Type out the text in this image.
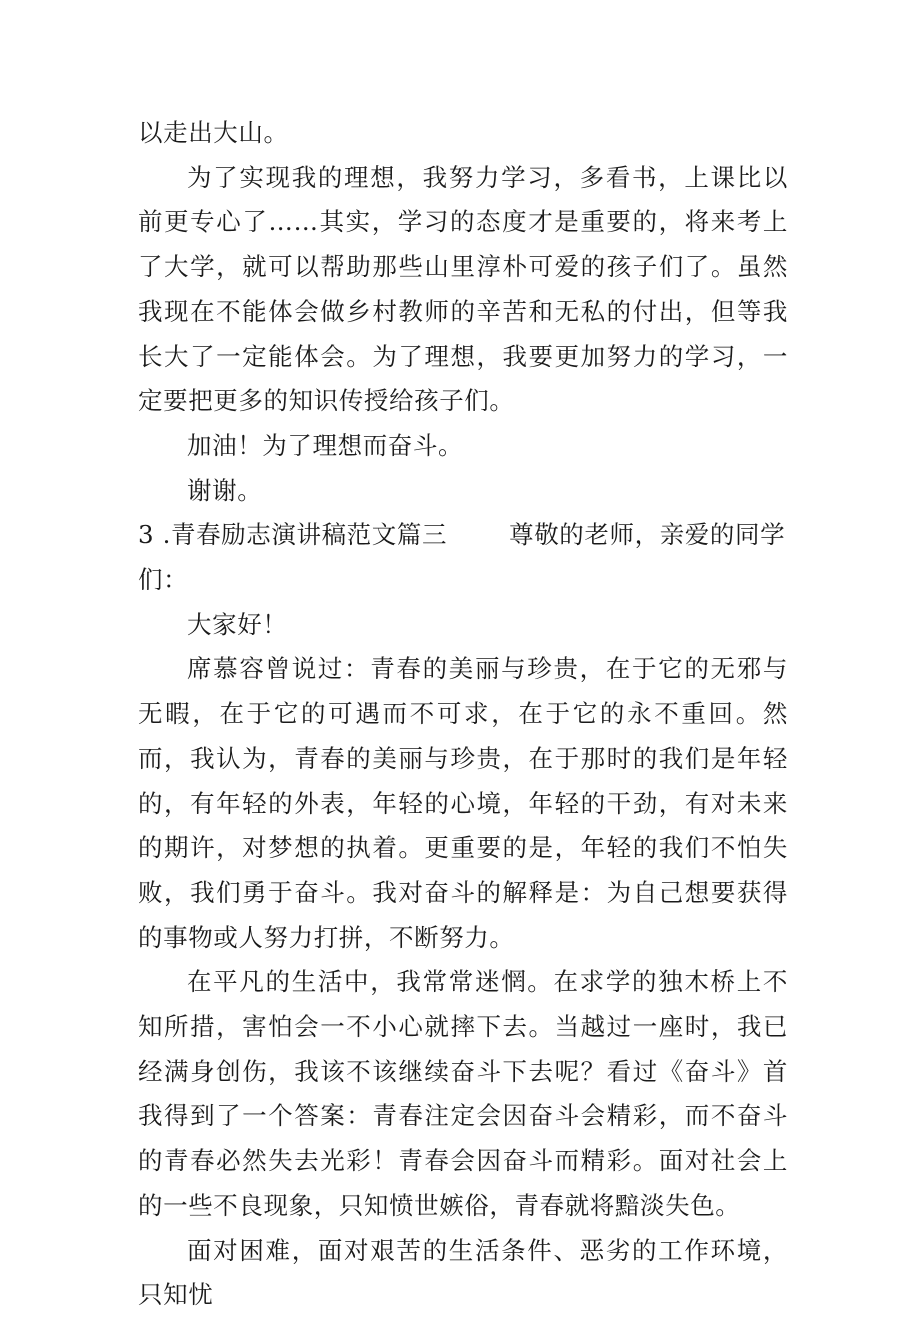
以走出大山。

为了实现我的理想，我努力学习，多看书，上课比以前更专心了……其实，学习的态度才是重要的，将来考上了大学，就可以帮助那些山里淳朴可爱的孩子们了。虽然我现在不能体会做乡村教师的辛苦和无私的付出，但等我长大了一定能体会。为了理想，我要更加努力的学习，一定要把更多的知识传授给孩子们。

加油！为了理想而奋斗。

谢谢。

3 .青春励志演讲稿范文篇三	尊敬的老师，亲爱的同学

们：

大家好！

席慕容曾说过：青春的美丽与珍贵，在于它的无邪与无暇，在于它的可遇而不可求，在于它的永不重回。然而，我认为，青春的美丽与珍贵，在于那时的我们是年轻的，有年轻的外表，年轻的心境，年轻的干劲，有对未来的期许，对梦想的执着。更重要的是，年轻的我们不怕失败，我们勇于奋斗。我对奋斗的解释是：为自己想要获得的事物或人努力打拼，不断努力。

在平凡的生活中，我常常迷惘。在求学的独木桥上不知所措，害怕会一不小心就摔下去。当越过一座时，我已经满身创伤，我该不该继续奋斗下去呢？看过《奋斗》首我得到了一个答案：青春注定会因奋斗会精彩，而不奋斗的青春必然失去光彩！青春会因奋斗而精彩。面对社会上的一些不良现象，只知愤世嫉俗，青春就将黯淡失色。

面对困难，面对艰苦的生活条件、恶劣的工作环境，只知忧
